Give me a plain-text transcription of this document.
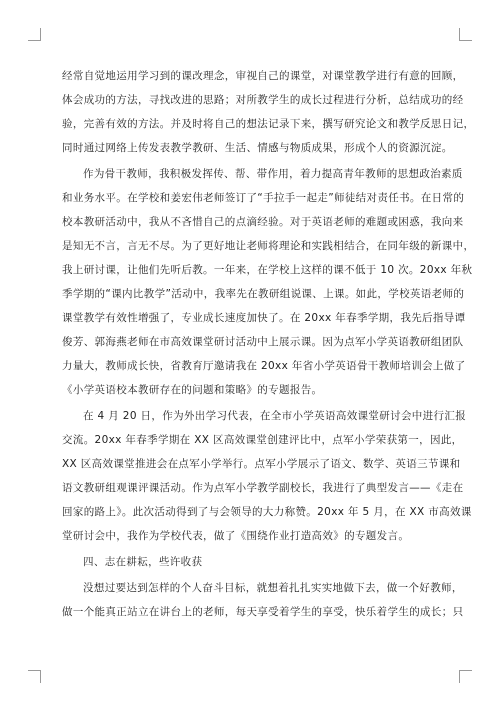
经常自觉地运用学习到的课改理念，审视自己的课堂，对课堂教学进行有意的回顾，
体会成功的方法，寻找改进的思路；对所教学生的成长过程进行分析，总结成功的经
验，完善有效的方法。并及时将自己的想法记录下来，撰写研究论文和教学反思日记，
同时通过网络上传发表教学教研、生活、情感与物质成果，形成个人的资源沉淀。
作为骨干教师，我积极发挥传、帮、带作用，着力提高青年教师的思想政治素质
和业务水平。在学校和姜宏伟老师签订了“手拉手一起走”师徒结对责任书。在日常的
校本教研活动中，我从不吝惜自己的点滴经验。对于英语老师的难题或困惑，我向来
是知无不言，言无不尽。为了更好地让老师将理论和实践相结合，在同年级的新课中，
我上研讨课，让他们先听后教。一年来，在学校上这样的课不低于 10 次。20xx 年秋
季学期的“课内比教学”活动中，我率先在教研组说课、上课。如此，学校英语老师的
课堂教学有效性增强了，专业成长速度加快了。在 20xx 年春季学期，我先后指导谭
俊芳、郭海燕老师在市高效课堂研讨活动中上展示课。因为点军小学英语教研组团队
力量大，教师成长快，省教育厅邀请我在 20xx 年省小学英语骨干教师培训会上做了
《小学英语校本教研存在的问题和策略》的专题报告。
在 4 月 20 日，作为外出学习代表，在全市小学英语高效课堂研讨会中进行汇报
交流。20xx 年春季学期在 XX 区高效课堂创建评比中，点军小学荣获第一，因此，
XX 区高效课堂推进会在点军小学举行。点军小学展示了语文、数学、英语三节课和
语文教研组观课评课活动。作为点军小学教学副校长，我进行了典型发言——《走在
回家的路上》。此次活动得到了与会领导的大力称赞。20xx 年 5 月，在 XX 市高效课
堂研讨会中，我作为学校代表，做了《围绕作业打造高效》的专题发言。
四、志在耕耘，些许收获
没想过要达到怎样的个人奋斗目标，就想着扎扎实实地做下去，做一个好教师，
做一个能真正站立在讲台上的老师，每天享受着学生的享受，快乐着学生的成长；只
